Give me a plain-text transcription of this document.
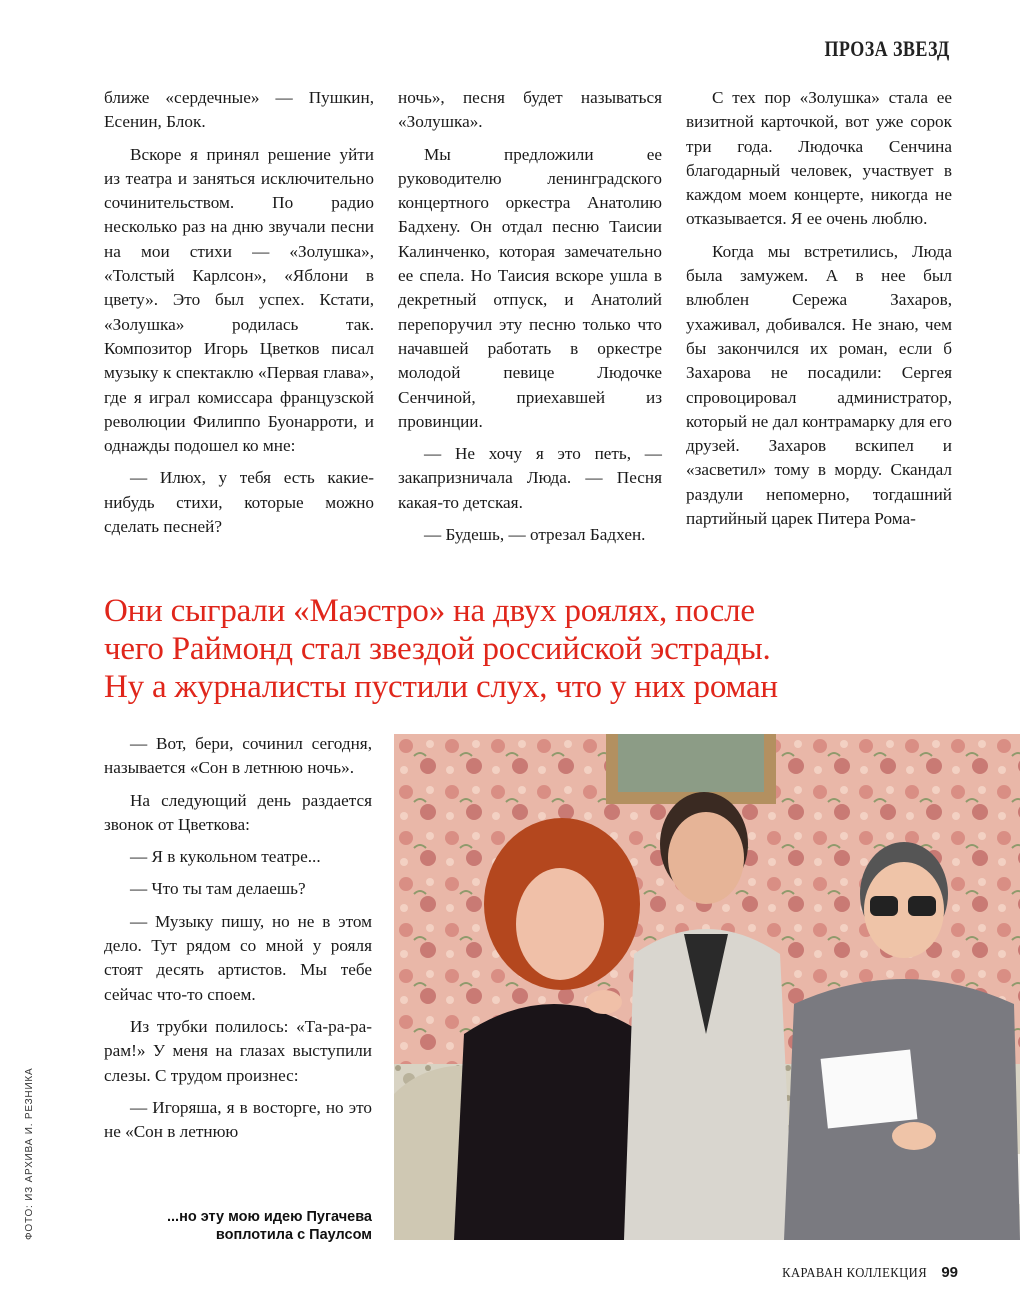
ПРОЗА ЗВЕЗД

ближе «сердечные» — Пушкин, Есенин, Блок.

Вскоре я принял решение уйти из театра и заняться исключительно сочинительством. По радио несколько раз на дню звучали песни на мои стихи — «Золушка», «Толстый Карлсон», «Яблони в цвету». Это был успех. Кстати, «Золушка» родилась так. Композитор Игорь Цветков писал музыку к спектаклю «Первая глава», где я играл комиссара французской революции Филиппо Буонарроти, и однажды подошел ко мне:

— Илюх, у тебя есть какие-нибудь стихи, которые можно сделать песней?

ночь», песня будет называться «Золушка».

Мы предложили ее руководителю ленинградского концертного оркестра Анатолию Бадхену. Он отдал песню Таисии Калинченко, которая замечательно ее спела. Но Таисия вскоре ушла в декретный отпуск, и Анатолий перепоручил эту песню только что начавшей работать в оркестре молодой певице Людочке Сенчиной, приехавшей из провинции.

— Не хочу я это петь, — закапризничала Люда. — Песня какая-то детская.

— Будешь, — отрезал Бадхен.

С тех пор «Золушка» стала ее визитной карточкой, вот уже сорок три года. Людочка Сенчина благодарный человек, участвует в каждом моем концерте, никогда не отказывается. Я ее очень люблю.

Когда мы встретились, Люда была замужем. А в нее был влюблен Сережа Захаров, ухаживал, добивался. Не знаю, чем бы закончился их роман, если б Захарова не посадили: Сергея спровоцировал администратор, который не дал контрамарку для его друзей. Захаров вскипел и «засветил» тому в морду. Скандал раздули непомерно, тогдашний партийный царек Питера Рома-

Они сыграли «Маэстро» на двух роялях, после
чего Раймонд стал звездой российской эстрады.
Ну а журналисты пустили слух, что у них роман

— Вот, бери, сочинил сегодня, называется «Сон в летнюю ночь».

На следующий день раздается звонок от Цветкова:

— Я в кукольном театре...

— Что ты там делаешь?

— Музыку пишу, но не в этом дело. Тут рядом со мной у рояля стоят десять артистов. Мы тебе сейчас что-то споем.

Из трубки полилось: «Та-ра-ра-рам!» У меня на глазах выступили слезы. С трудом произнес:

— Игоряша, я в восторге, но это не «Сон в летнюю

...но эту мою идею Пугачева
воплотила с Паулсом
ФОТО: ИЗ АРХИВА И. РЕЗНИКА
КАРАВАН КОЛЛЕКЦИЯ 99
